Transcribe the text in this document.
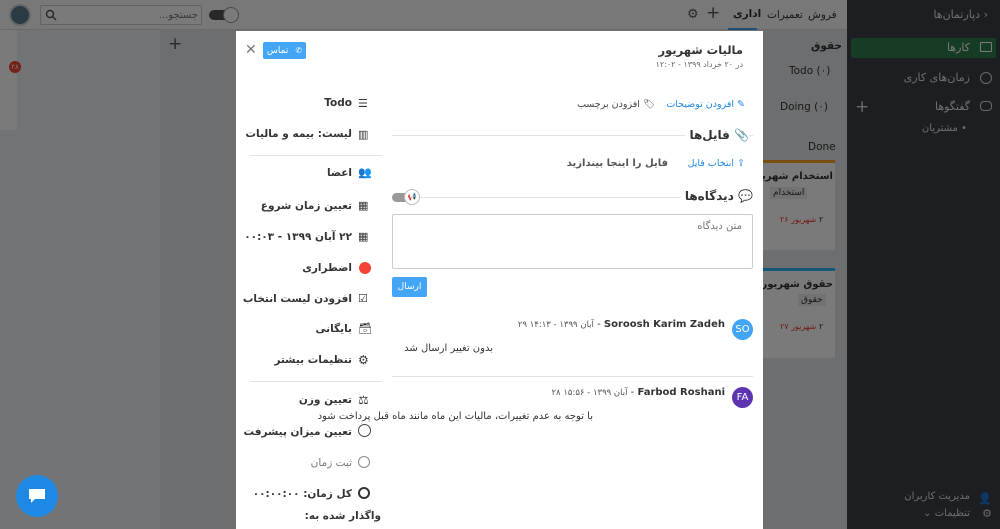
جستجو...
✕	✆
تماس	مالیات شهریور
در ۲۰ خرداد ۱۳۹۹ - ۱۲:۰۲
✎ افزودن توضیحات
🏷 افزودن برچسب
📎 فایل‌ها
⇪ انتخاب فایل
فایل را اینجا بیندازید
💬 دیدگاه‌ها
📢
متن دیدگاه
ارسال
SO
۲۹ آبان ۱۳۹۹ - ۱۴:۱۳ - Soroosh Karim Zadeh
بدون تغییر ارسال شد
FA
۲۸ آبان ۱۳۹۹ - ۱۵:۵۶ - Farbod Roshani
با توجه به عدم تغییرات، مالیات این ماه مانند ماه قبل پرداخت شود
Todo ☰
لیست: بیمه و مالیات ▥
اعضا 👥
تعیین زمان شروع ▦
۲۲ آبان ۱۳۹۹ - ۰۰:۰۳ ▦
اضطراری
افزودن لیست انتخاب ☑
بایگانی 🗃
تنظیمات بیشتر ⚙
تعیین وزن ⚖
تعیین میزان پیشرفت
ثبت زمان
کل زمان: ۰۰:۰۰:۰۰
واگذار شده به:
